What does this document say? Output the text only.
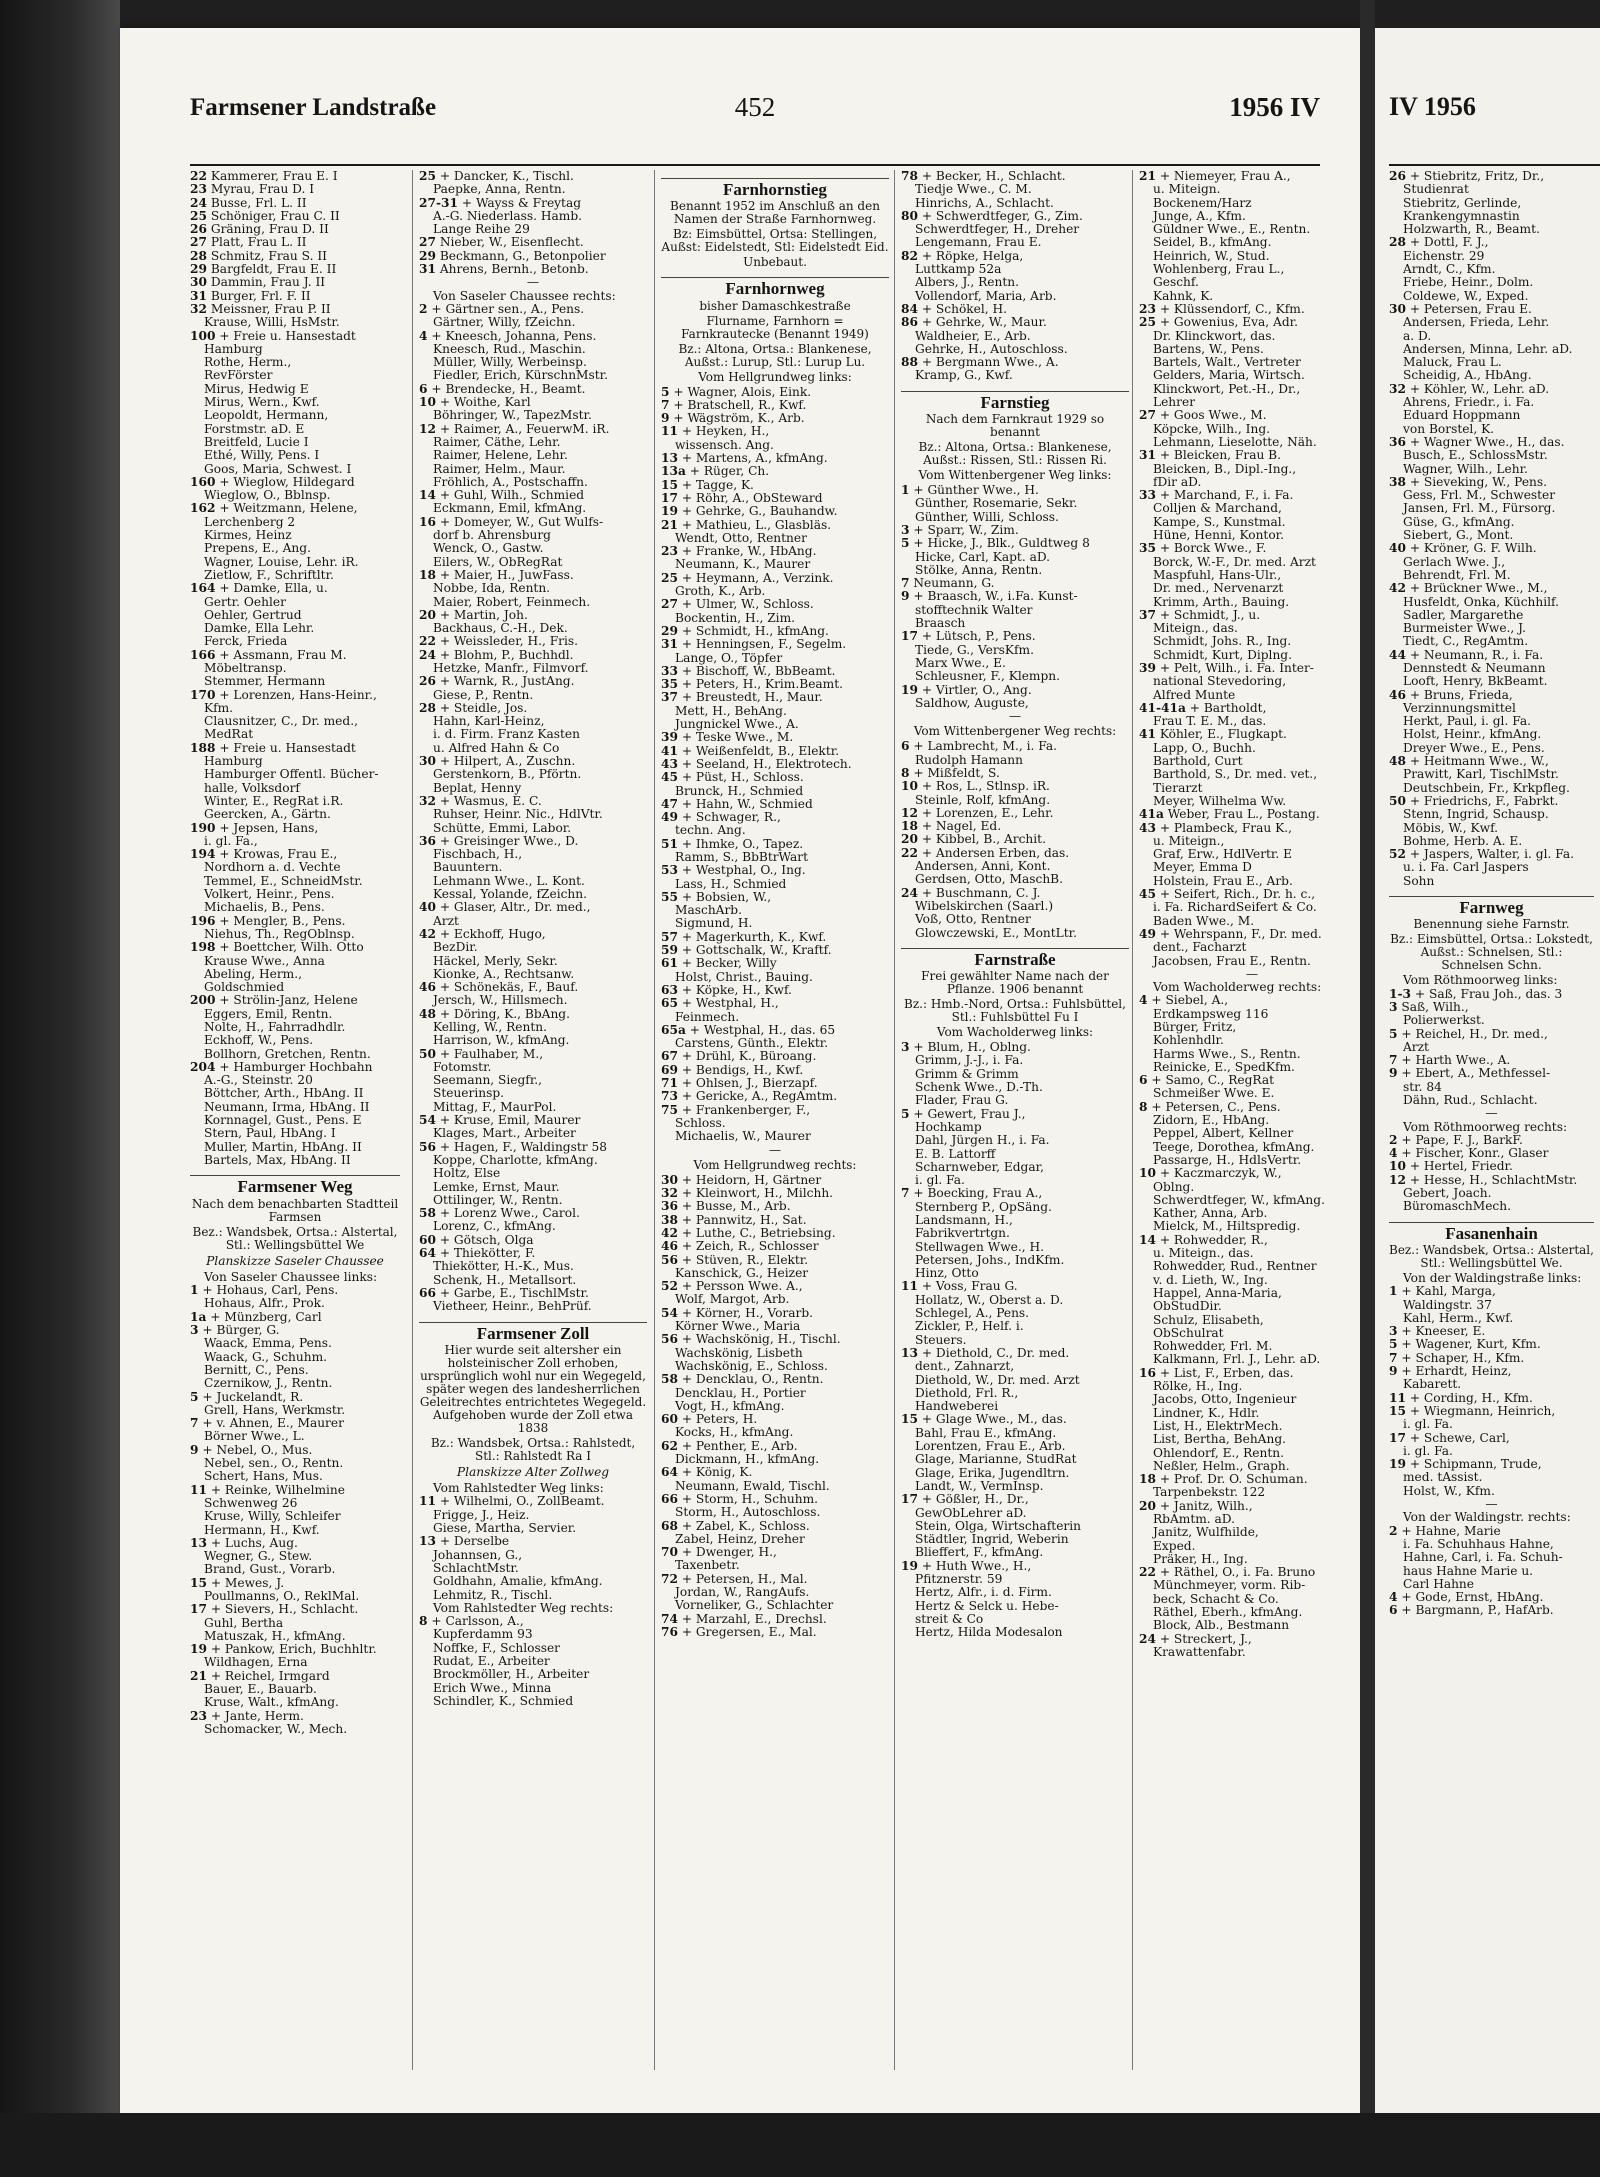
Farmsener Landstraße	452	1956 IV
22 Kammerer, Frau E. I
23 Myrau, Frau D. I
24 Busse, Frl. L. II
25 Schöniger, Frau C. II
26 Gräning, Frau D. II
27 Platt, Frau L. II
28 Schmitz, Frau S. II
29 Bargfeldt, Frau E. II
30 Dammin, Frau J. II
31 Burger, Frl. F. II
32 Meissner, Frau P. II
Krause, Willi, HsMstr.
100 + Freie u. Hansestadt
Hamburg
Rothe, Herm.,
RevFörster
Mirus, Hedwig E
Mirus, Wern., Kwf.
Leopoldt, Hermann,
Forstmstr. aD. E
Breitfeld, Lucie I
Ethé, Willy, Pens. I
Goos, Maria, Schwest. I
160 + Wieglow, Hildegard
Wieglow, O., Bblnsp.
162 + Weitzmann, Helene,
Lerchenberg 2
Kirmes, Heinz
Prepens, E., Ang.
Wagner, Louise, Lehr. iR.
Zietlow, F., Schriftltr.
164 + Damke, Ella, u.
Gertr. Oehler
Oehler, Gertrud
Damke, Ella Lehr.
Ferck, Frieda
166 + Assmann, Frau M.
Möbeltransp.
Stemmer, Hermann
170 + Lorenzen, Hans-Heinr.,
Kfm.
Clausnitzer, C., Dr. med.,
MedRat
188 + Freie u. Hansestadt
Hamburg
Hamburger Öffentl. Bücher-
halle, Volksdorf
Winter, E., RegRat i.R.
Geercken, A., Gärtn.
190 + Jepsen, Hans,
i. gl. Fa.,
194 + Krowas, Frau E.,
Nordhorn a. d. Vechte
Temmel, E., SchneidMstr.
Volkert, Heinr., Pens.
Michaelis, B., Pens.
196 + Mengler, B., Pens.
Niehus, Th., RegOblnsp.
198 + Boettcher, Wilh. Otto
Krause Wwe., Anna
Abeling, Herm.,
Goldschmied
200 + Strölin-Janz, Helene
Eggers, Emil, Rentn.
Nolte, H., Fahrradhdlr.
Eckhoff, W., Pens.
Bollhorn, Gretchen, Rentn.
204 + Hamburger Hochbahn
A.-G., Steinstr. 20
Böttcher, Arth., HbAng. II
Neumann, Irma, HbAng. II
Kornnagel, Gust., Pens. E
Stern, Paul, HbAng. I
Muller, Martin, HbAng. II
Bartels, Max, HbAng. II
Farmsener Weg
Nach dem benachbarten Stadtteil Farmsen
Bez.: Wandsbek, Ortsa.: Alstertal, Stl.: Wellingsbüttel We
Planskizze Saseler Chaussee
Von Saseler Chaussee links:
1 + Hohaus, Carl, Pens.
Hohaus, Alfr., Prok.
1a + Münzberg, Carl
3 + Bürger, G.
Waack, Emma, Pens.
Waack, G., Schuhm.
Bernitt, C., Pens.
Czernikow, J., Rentn.
5 + Juckelandt, R.
Grell, Hans, Werkmstr.
7 + v. Ahnen, E., Maurer
Börner Wwe., L.
9 + Nebel, O., Mus.
Nebel, sen., O., Rentn.
Schert, Hans, Mus.
11 + Reinke, Wilhelmine
Schwenweg 26
Kruse, Willy, Schleifer
Hermann, H., Kwf.
13 + Luchs, Aug.
Wegner, G., Stew.
Brand, Gust., Vorarb.
15 + Mewes, J.
Poullmanns, O., ReklMal.
17 + Sievers, H., Schlacht.
Guhl, Bertha
Matuszak, H., kfmAng.
19 + Pankow, Erich, Buchhltr.
Wildhagen, Erna
21 + Reichel, Irmgard
Bauer, E., Bauarb.
Kruse, Walt., kfmAng.
23 + Jante, Herm.
Schomacker, W., Mech.
25 + Dancker, K., Tischl.
Paepke, Anna, Rentn.
27-31 + Wayss & Freytag
A.-G. Niederlass. Hamb.
Lange Reihe 29
27 Nieber, W., Eisenflecht.
29 Beckmann, G., Betonpolier
31 Ahrens, Bernh., Betonb.
—
Von Saseler Chaussee rechts:
2 + Gärtner sen., A., Pens.
Gärtner, Willy, fZeichn.
4 + Kneesch, Johanna, Pens.
Kneesch, Rud., Maschin.
Müller, Willy, Werbeinsp.
Fiedler, Erich, KürschnMstr.
6 + Brendecke, H., Beamt.
10 + Woithe, Karl
Böhringer, W., TapezMstr.
12 + Raimer, A., FeuerwM. iR.
Raimer, Cäthe, Lehr.
Raimer, Helene, Lehr.
Raimer, Helm., Maur.
Fröhlich, A., Postschaffn.
14 + Guhl, Wilh., Schmied
Eckmann, Emil, kfmAng.
16 + Domeyer, W., Gut Wulfs-
dorf b. Ahrensburg
Wenck, O., Gastw.
Eilers, W., ObRegRat
18 + Maier, H., JuwFass.
Nobbe, Ida, Rentn.
Maier, Robert, Feinmech.
20 + Martin, Joh.
Backhaus, C.-H., Dek.
22 + Weissleder, H., Fris.
24 + Blohm, P., Buchhdl.
Hetzke, Manfr., Filmvorf.
26 + Warnk, R., JustAng.
Giese, P., Rentn.
28 + Steidle, Jos.
Hahn, Karl-Heinz,
i. d. Firm. Franz Kasten
u. Alfred Hahn & Co
30 + Hilpert, A., Zuschn.
Gerstenkorn, B., Pförtn.
Beplat, Henny
32 + Wasmus, E. C.
Ruhser, Heinr. Nic., HdlVtr.
Schütte, Emmi, Labor.
36 + Greisinger Wwe., D.
Fischbach, H.,
Bauuntern.
Lehmann Wwe., L. Kont.
Kessal, Yolande, fZeichn.
40 + Glaser, Altr., Dr. med.,
Arzt
42 + Eckhoff, Hugo,
BezDir.
Häckel, Merly, Sekr.
Kionke, A., Rechtsanw.
46 + Schönekäs, F., Bauf.
Jersch, W., Hillsmech.
48 + Döring, K., BbAng.
Kelling, W., Rentn.
Harrison, W., kfmAng.
50 + Faulhaber, M.,
Fotomstr.
Seemann, Siegfr.,
Steuerinsp.
Mittag, F., MaurPol.
54 + Kruse, Emil, Maurer
Klages, Mart., Arbeiter
56 + Hagen, F., Waldingstr 58
Koppe, Charlotte, kfmAng.
Holtz, Else
Lemke, Ernst, Maur.
Ottilinger, W., Rentn.
58 + Lorenz Wwe., Carol.
Lorenz, C., kfmAng.
60 + Götsch, Olga
64 + Thiekötter, F.
Thiekötter, H.-K., Mus.
Schenk, H., Metallsort.
66 + Garbe, E., TischlMstr.
Vietheer, Heinr., BehPrüf.
Farmsener Zoll
Hier wurde seit altersher ein holsteinischer Zoll erhoben, ursprünglich wohl nur ein Wegegeld, später wegen des landesherrlichen Geleitrechtes entrichtetes Wegegeld. Aufgehoben wurde der Zoll etwa 1838
Bz.: Wandsbek, Ortsa.: Rahlstedt, Stl.: Rahlstedt Ra I
Planskizze Alter Zollweg
Vom Rahlstedter Weg links:
11 + Wilhelmi, O., ZollBeamt.
Frigge, J., Heiz.
Giese, Martha, Servier.
13 + Derselbe
Johannsen, G.,
SchlachtMstr.
Goldhahn, Amalie, kfmAng.
Lehmitz, R., Tischl.
Vom Rahlstedter Weg rechts:
8 + Carlsson, A.,
Kupferdamm 93
Noffke, F., Schlosser
Rudat, E., Arbeiter
Brockmöller, H., Arbeiter
Erich Wwe., Minna
Schindler, K., Schmied
Farnhornstieg
Benannt 1952 im Anschluß an den Namen der Straße Farnhornweg.
Bz: Eimsbüttel, Ortsa: Stellingen, Außst: Eidelstedt, Stl: Eidelstedt Eid.
Unbebaut.
Farnhornweg
bisher Damaschkestraße
Flurname, Farnhorn = Farnkrautecke (Benannt 1949)
Bz.: Altona, Ortsa.: Blankenese, Außst.: Lurup, Stl.: Lurup Lu.
Vom Hellgrundweg links:
5 + Wagner, Alois, Eink.
7 + Bratschell, R., Kwf.
9 + Wägström, K., Arb.
11 + Heyken, H.,
wissensch. Ang.
13 + Martens, A., kfmAng.
13a + Rüger, Ch.
15 + Tagge, K.
17 + Röhr, A., ObSteward
19 + Gehrke, G., Bauhandw.
21 + Mathieu, L., Glasbläs.
Wendt, Otto, Rentner
23 + Franke, W., HbAng.
Neumann, K., Maurer
25 + Heymann, A., Verzink.
Groth, K., Arb.
27 + Ulmer, W., Schloss.
Bockentin, H., Zim.
29 + Schmidt, H., kfmAng.
31 + Henningsen, F., Segelm.
Lange, O., Töpfer
33 + Bischoff, W., BbBeamt.
35 + Peters, H., Krim.Beamt.
37 + Breustedt, H., Maur.
Mett, H., BehAng.
Jungnickel Wwe., A.
39 + Teske Wwe., M.
41 + Weißenfeldt, B., Elektr.
43 + Seeland, H., Elektrotech.
45 + Püst, H., Schloss.
Brunck, H., Schmied
47 + Hahn, W., Schmied
49 + Schwager, R.,
techn. Ang.
51 + Ihmke, O., Tapez.
Ramm, S., BbBtrWart
53 + Westphal, O., Ing.
Lass, H., Schmied
55 + Bobsien, W.,
MaschArb.
Sigmund, H.
57 + Magerkurth, K., Kwf.
59 + Gottschalk, W., Kraftf.
61 + Becker, Willy
Holst, Christ., Bauing.
63 + Köpke, H., Kwf.
65 + Westphal, H.,
Feinmech.
65a + Westphal, H., das. 65
Carstens, Günth., Elektr.
67 + Drühl, K., Büroang.
69 + Bendigs, H., Kwf.
71 + Ohlsen, J., Bierzapf.
73 + Gericke, A., RegAmtm.
75 + Frankenberger, F.,
Schloss.
Michaelis, W., Maurer
—
Vom Hellgrundweg rechts:
30 + Heidorn, H, Gärtner
32 + Kleinwort, H., Milchh.
36 + Busse, M., Arb.
38 + Pannwitz, H., Sat.
42 + Luthe, C., Betriebsing.
46 + Zeich, R., Schlosser
56 + Stüven, R., Elektr.
Kanschick, G., Heizer
52 + Persson Wwe. A.,
Wolf, Margot, Arb.
54 + Körner, H., Vorarb.
Körner Wwe., Maria
56 + Wachskönig, H., Tischl.
Wachskönig, Lisbeth
Wachskönig, E., Schloss.
58 + Dencklau, O., Rentn.
Dencklau, H., Portier
Vogt, H., kfmAng.
60 + Peters, H.
Kocks, H., kfmAng.
62 + Penther, E., Arb.
Dickmann, H., kfmAng.
64 + König, K.
Neumann, Ewald, Tischl.
66 + Storm, H., Schuhm.
Storm, H., Autoschloss.
68 + Zabel, K., Schloss.
Zabel, Heinz, Dreher
70 + Dwenger, H.,
Taxenbetr.
72 + Petersen, H., Mal.
Jordan, W., RangAufs.
Vorneliker, G., Schlachter
74 + Marzahl, E., Drechsl.
76 + Gregersen, E., Mal.
78 + Becker, H., Schlacht.
Tiedje Wwe., C. M.
Hinrichs, A., Schlacht.
80 + Schwerdtfeger, G., Zim.
Schwerdtfeger, H., Dreher
Lengemann, Frau E.
82 + Röpke, Helga,
Luttkamp 52a
Albers, J., Rentn.
Vollendorf, Maria, Arb.
84 + Schökel, H.
86 + Gehrke, W., Maur.
Waldheier, E., Arb.
Gehrke, H., Autoschloss.
88 + Bergmann Wwe., A.
Kramp, G., Kwf.
Farnstieg
Nach dem Farnkraut 1929 so benannt
Bz.: Altona, Ortsa.: Blankenese, Außst.: Rissen, Stl.: Rissen Ri.
Vom Wittenbergener Weg links:
1 + Günther Wwe., H.
Günther, Rosemarie, Sekr.
Günther, Willi, Schloss.
3 + Sparr, W., Zim.
5 + Hicke, J., Blk., Guldtweg 8
Hicke, Carl, Kapt. aD.
Stölke, Anna, Rentn.
7 Neumann, G.
9 + Braasch, W., i.Fa. Kunst-
stofftechnik Walter
Braasch
17 + Lütsch, P., Pens.
Tiede, G., VersKfm.
Marx Wwe., E.
Schleusner, F., Klempn.
19 + Virtler, O., Ang.
Saldhow, Auguste,
—
Vom Wittenbergener Weg rechts:
6 + Lambrecht, M., i. Fa.
Rudolph Hamann
8 + Mißfeldt, S.
10 + Ros, L., Stlnsp. iR.
Steinle, Rolf, kfmAng.
12 + Lorenzen, E., Lehr.
18 + Nagel, Ed.
20 + Kibbel, B., Archit.
22 + Andersen Erben, das.
Andersen, Anni, Kont.
Gerdsen, Otto, MaschB.
24 + Buschmann, C. J.
Wibelskirchen (Saarl.)
Voß, Otto, Rentner
Glowczewski, E., MontLtr.
Farnstraße
Frei gewählter Name nach der Pflanze. 1906 benannt
Bz.: Hmb.-Nord, Ortsa.: Fuhlsbüttel, Stl.: Fuhlsbüttel Fu I
Vom Wacholderweg links:
3 + Blum, H., Oblng.
Grimm, J.-J., i. Fa.
Grimm & Grimm
Schenk Wwe., D.-Th.
Flader, Frau G.
5 + Gewert, Frau J.,
Hochkamp
Dahl, Jürgen H., i. Fa.
E. B. Lattorff
Scharnweber, Edgar,
i. gl. Fa.
7 + Boecking, Frau A.,
Sternberg P., OpSäng.
Landsmann, H.,
Fabrikvertrtgn.
Stellwagen Wwe., H.
Petersen, Johs., IndKfm.
Hinz, Otto
11 + Voss, Frau G.
Hollatz, W., Oberst a. D.
Schlegel, A., Pens.
Zickler, P., Helf. i.
Steuers.
13 + Diethold, C., Dr. med.
dent., Zahnarzt,
Diethold, W., Dr. med. Arzt
Diethold, Frl. R.,
Handweberei
15 + Glage Wwe., M., das.
Bahl, Frau E., kfmAng.
Lorentzen, Frau E., Arb.
Glage, Marianne, StudRat
Glage, Erika, Jugendltrn.
Landt, W., VermInsp.
17 + Gößler, H., Dr.,
GewObLehrer aD.
Stein, Olga, Wirtschafterin
Städtler, Ingrid, Weberin
Blieffert, F., kfmAng.
19 + Huth Wwe., H.,
Pfitznerstr. 59
Hertz, Alfr., i. d. Firm.
Hertz & Selck u. Hebe-
streit & Co
Hertz, Hilda Modesalon
21 + Niemeyer, Frau A.,
u. Miteign.
Bockenem/Harz
Junge, A., Kfm.
Güldner Wwe., E., Rentn.
Seidel, B., kfmAng.
Heinrich, W., Stud.
Wohlenberg, Frau L.,
Geschf.
Kahnk, K.
23 + Klüssendorf, C., Kfm.
25 + Gowenius, Eva, Adr.
Dr. Klinckwort, das.
Bartens, W., Pens.
Bartels, Walt., Vertreter
Gelders, Maria, Wirtsch.
Klinckwort, Pet.-H., Dr.,
Lehrer
27 + Goos Wwe., M.
Köpcke, Wilh., Ing.
Lehmann, Lieselotte, Näh.
31 + Bleicken, Frau B.
Bleicken, B., Dipl.-Ing.,
fDir aD.
33 + Marchand, F., i. Fa.
Colljen & Marchand,
Kampe, S., Kunstmal.
Hüne, Henni, Kontor.
35 + Borck Wwe., F.
Borck, W.-F., Dr. med. Arzt
Maspfuhl, Hans-Ulr.,
Dr. med., Nervenarzt
Krimm, Arth., Bauing.
37 + Schmidt, J., u.
Miteign., das.
Schmidt, Johs. R., Ing.
Schmidt, Kurt, Diplng.
39 + Pelt, Wilh., i. Fa. Inter-
national Stevedoring,
Alfred Munte
41-41a + Bartholdt,
Frau T. E. M., das.
41 Köhler, E., Flugkapt.
Lapp, O., Buchh.
Barthold, Curt
Barthold, S., Dr. med. vet.,
Tierarzt
Meyer, Wilhelma Ww.
41a Weber, Frau L., Postang.
43 + Plambeck, Frau K.,
u. Miteign.,
Graf, Erw., HdlVertr. E
Meyer, Emma D
Holstein, Frau E., Arb.
45 + Seifert, Rich., Dr. h. c.,
i. Fa. RichardSeifert & Co.
Baden Wwe., M.
49 + Wehrspann, F., Dr. med.
dent., Facharzt
Jacobsen, Frau E., Rentn.
—
Vom Wacholderweg rechts:
4 + Siebel, A.,
Erdkampsweg 116
Bürger, Fritz,
Kohlenhdlr.
Harms Wwe., S., Rentn.
Reinicke, E., SpedKfm.
6 + Samo, C., RegRat
Schmeißer Wwe. E.
8 + Petersen, C., Pens.
Zidorn, E., HbAng.
Peppel, Albert, Kellner
Teege, Dorothea, kfmAng.
Passarge, H., HdlsVertr.
10 + Kaczmarczyk, W.,
Oblng.
Schwerdtfeger, W., kfmAng.
Kather, Anna, Arb.
Mielck, M., Hiltspredig.
14 + Rohwedder, R.,
u. Miteign., das.
Rohwedder, Rud., Rentner
v. d. Lieth, W., Ing.
Happel, Anna-Maria,
ObStudDir.
Schulz, Elisabeth,
ObSchulrat
Rohwedder, Frl. M.
Kalkmann, Frl. J., Lehr. aD.
16 + List, F., Erben, das.
Rölke, H., Ing.
Jacobs, Otto, Ingenieur
Lindner, K., Hdlr.
List, H., ElektrMech.
List, Bertha, BehAng.
Ohlendorf, E., Rentn.
Neßler, Helm., Graph.
18 + Prof. Dr. O. Schuman.
Tarpenbekstr. 122
20 + Janitz, Wilh.,
RbAmtm. aD.
Janitz, Wulfhilde,
Exped.
Präker, H., Ing.
22 + Räthel, O., i. Fa. Bruno
Münchmeyer, vorm. Rib-
beck, Schacht & Co.
Räthel, Eberh., kfmAng.
Block, Alb., Bestmann
24 + Streckert, J.,
Krawattenfabr.
IV 1956
26 + Stiebritz, Fritz, Dr.,
Studienrat
Stiebritz, Gerlinde,
Krankengymnastin
Holzwarth, R., Beamt.
28 + Dottl, F. J.,
Eichenstr. 29
Arndt, C., Kfm.
Friebe, Heinr., Dolm.
Coldewe, W., Exped.
30 + Petersen, Frau E.
Andersen, Frieda, Lehr.
a. D.
Andersen, Minna, Lehr. aD.
Maluck, Frau L.
Scheidig, A., HbAng.
32 + Köhler, W., Lehr. aD.
Ahrens, Friedr., i. Fa.
Eduard Hoppmann
von Borstel, K.
36 + Wagner Wwe., H., das.
Busch, E., SchlossMstr.
Wagner, Wilh., Lehr.
38 + Sieveking, W., Pens.
Gess, Frl. M., Schwester
Jansen, Frl. M., Fürsorg.
Güse, G., kfmAng.
Siebert, G., Mont.
40 + Kröner, G. F. Wilh.
Gerlach Wwe. J.,
Behrendt, Frl. M.
42 + Brückner Wwe., M.,
Husfeldt, Onka, Küchhilf.
Sadler, Margarethe
Burmeister Wwe., J.
Tiedt, C., RegAmtm.
44 + Neumann, R., i. Fa.
Dennstedt & Neumann
Looft, Henry, BkBeamt.
46 + Bruns, Frieda,
Verzinnungsmittel
Herkt, Paul, i. gl. Fa.
Holst, Heinr., kfmAng.
Dreyer Wwe., E., Pens.
48 + Heitmann Wwe., W.,
Prawitt, Karl, TischlMstr.
Deutschbein, Fr., Krkpfleg.
50 + Friedrichs, F., Fabrkt.
Stenn, Ingrid, Schausp.
Möbis, W., Kwf.
Bohme, Herb. A. E.
52 + Jaspers, Walter, i. gl. Fa.
u. i. Fa. Carl Jaspers
Sohn
Farnweg
Benennung siehe Farnstr.
Bz.: Eimsbüttel, Ortsa.: Lokstedt, Außst.: Schnelsen, Stl.: Schnelsen Schn.
Vom Röthmoorweg links:
1-3 + Saß, Frau Joh., das. 3
3 Saß, Wilh.,
Polierwerkst.
5 + Reichel, H., Dr. med.,
Arzt
7 + Harth Wwe., A.
9 + Ebert, A., Methfessel-
str. 84
Dähn, Rud., Schlacht.
—
Vom Röthmoorweg rechts:
2 + Pape, F. J., BarkF.
4 + Fischer, Konr., Glaser
10 + Hertel, Friedr.
12 + Hesse, H., SchlachtMstr.
Gebert, Joach.
BüromaschMech.
Fasanenhain
Bez.: Wandsbek, Ortsa.: Alstertal, Stl.: Wellingsbüttel We.
Von der Waldingstraße links:
1 + Kahl, Marga,
Waldingstr. 37
Kahl, Herm., Kwf.
3 + Kneeser, E.
5 + Wagener, Kurt, Kfm.
7 + Schaper, H., Kfm.
9 + Erhardt, Heinz,
Kabarett.
11 + Cording, H., Kfm.
15 + Wiegmann, Heinrich,
i. gl. Fa.
17 + Schewe, Carl,
i. gl. Fa.
19 + Schipmann, Trude,
med. tAssist.
Holst, W., Kfm.
—
Von der Waldingstr. rechts:
2 + Hahne, Marie
i. Fa. Schuhhaus Hahne,
Hahne, Carl, i. Fa. Schuh-
haus Hahne Marie u.
Carl Hahne
4 + Gode, Ernst, HbAng.
6 + Bargmann, P., HafArb.
